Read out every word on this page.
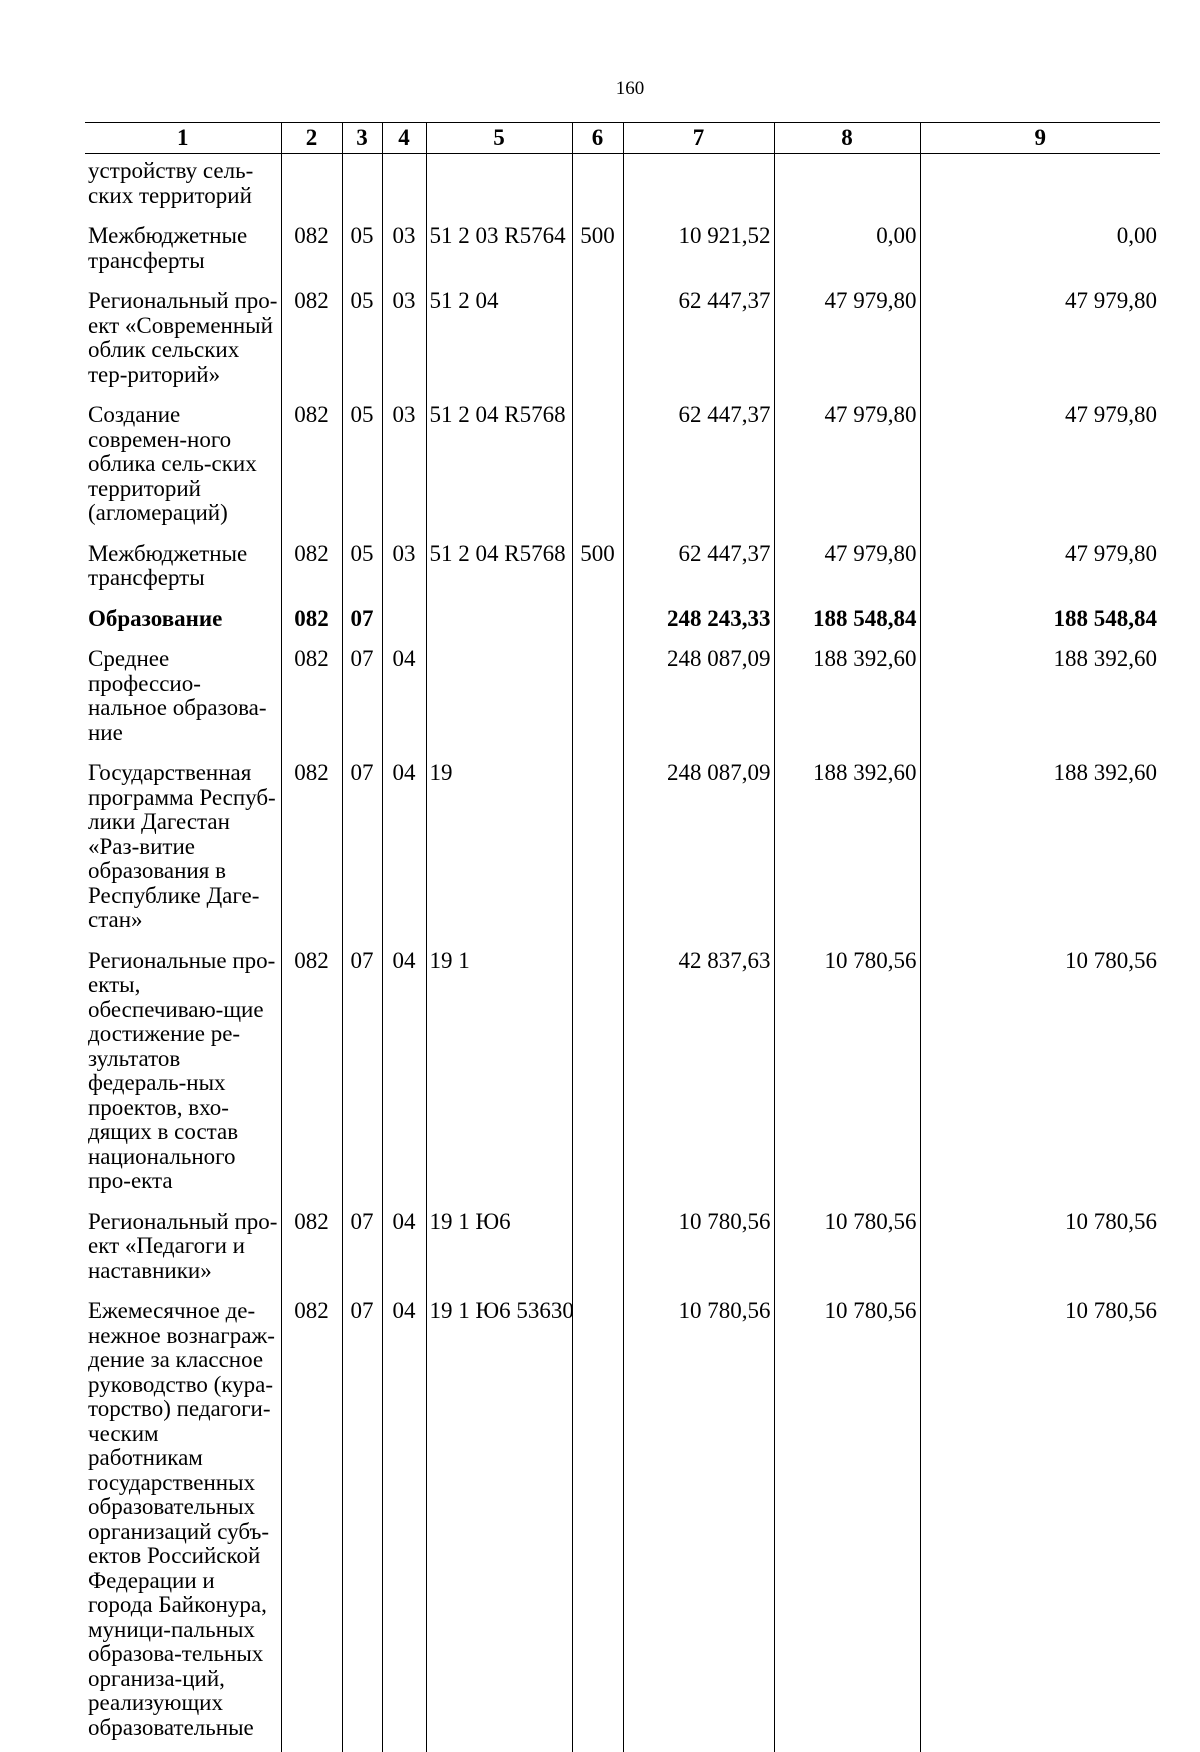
160
1	2	3	4	5	6	7	8	9
устройству сель-ских территорий								
Межбюджетные трансферты	082	05	03	51 2 03 R5764	500	10 921,52	0,00	0,00
Региональный про-ект «Современный облик сельских тер-риторий»	082	05	03	51 2 04		62 447,37	47 979,80	47 979,80
Создание современ-ного облика сель-ских территорий (агломераций)	082	05	03	51 2 04 R5768		62 447,37	47 979,80	47 979,80
Межбюджетные трансферты	082	05	03	51 2 04 R5768	500	62 447,37	47 979,80	47 979,80
Образование	082	07				248 243,33	188 548,84	188 548,84
Среднее профессио-нальное образова-ние	082	07	04			248 087,09	188 392,60	188 392,60
Государственная программа Респуб-лики Дагестан «Раз-витие образования в Республике Даге-стан»	082	07	04	19		248 087,09	188 392,60	188 392,60
Региональные про-екты, обеспечиваю-щие достижение ре-зультатов федераль-ных проектов, вхо-дящих в состав национального про-екта	082	07	04	19 1		42 837,63	10 780,56	10 780,56
Региональный про-ект «Педагоги и наставники»	082	07	04	19 1 Ю6		10 780,56	10 780,56	10 780,56
Ежемесячное де-нежное вознаграж-дение за классное руководство (кура-торство) педагоги-ческим работникам государственных образовательных организаций субъ-ектов Российской Федерации и города Байконура, муници-пальных образова-тельных организа-ций, реализующих образовательные	082	07	04	19 1 Ю6 53630		10 780,56	10 780,56	10 780,56
